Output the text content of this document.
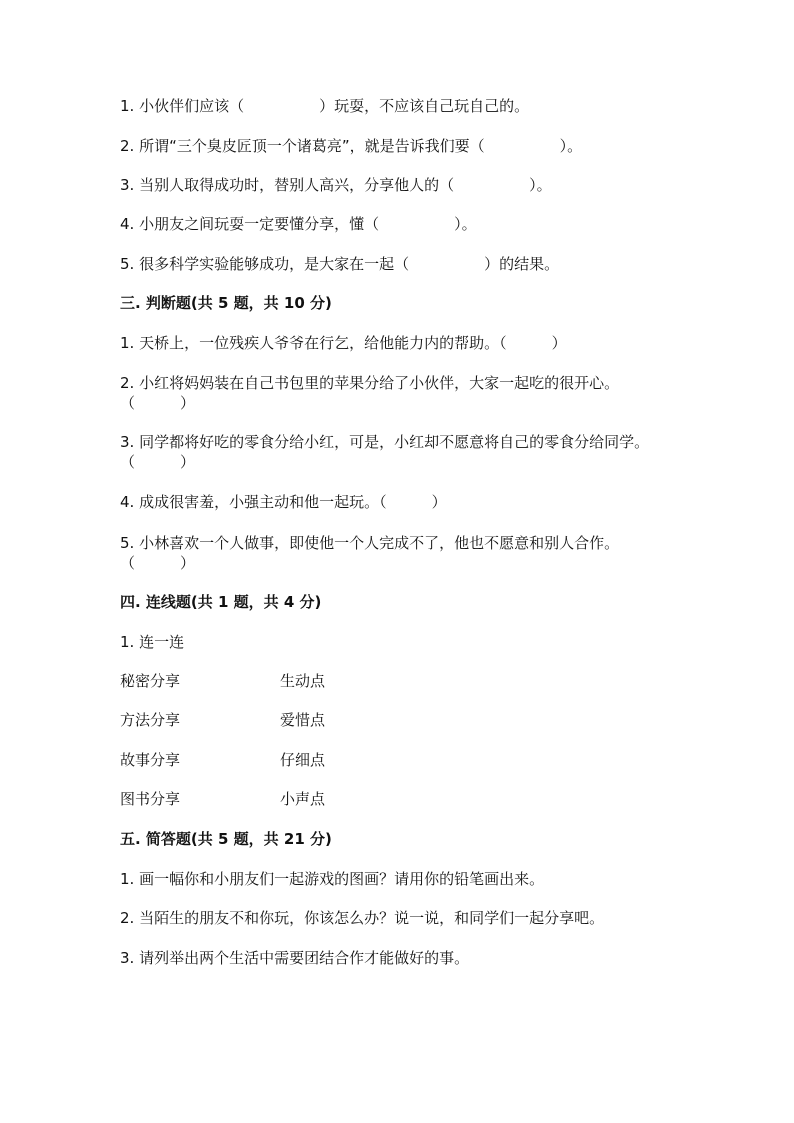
1. 小伙伴们应该（　　　　　）玩耍，不应该自己玩自己的。
2. 所谓“三个臭皮匠顶一个诸葛亮”，就是告诉我们要（　　　　　）。
3. 当别人取得成功时，替别人高兴，分享他人的（　　　　　）。
4. 小朋友之间玩耍一定要懂分享，懂（　　　　　）。
5. 很多科学实验能够成功，是大家在一起（　　　　　）的结果。
三. 判断题(共 5 题，共 10 分)
1. 天桥上，一位残疾人爷爷在行乞，给他能力内的帮助。（　　　）
2. 小红将妈妈装在自己书包里的苹果分给了小伙伴，大家一起吃的很开心。（　　　）
3. 同学都将好吃的零食分给小红，可是，小红却不愿意将自己的零食分给同学。（　　　）
4. 成成很害羞，小强主动和他一起玩。（　　　）
5. 小林喜欢一个人做事，即使他一个人完成不了，他也不愿意和别人合作。（　　　）
四. 连线题(共 1 题，共 4 分)
1. 连一连
秘密分享	生动点
方法分享	爱惜点
故事分享	仔细点
图书分享	小声点
五. 简答题(共 5 题，共 21 分)
1. 画一幅你和小朋友们一起游戏的图画？请用你的铅笔画出来。
2. 当陌生的朋友不和你玩，你该怎么办？说一说，和同学们一起分享吧。
3. 请列举出两个生活中需要团结合作才能做好的事。
